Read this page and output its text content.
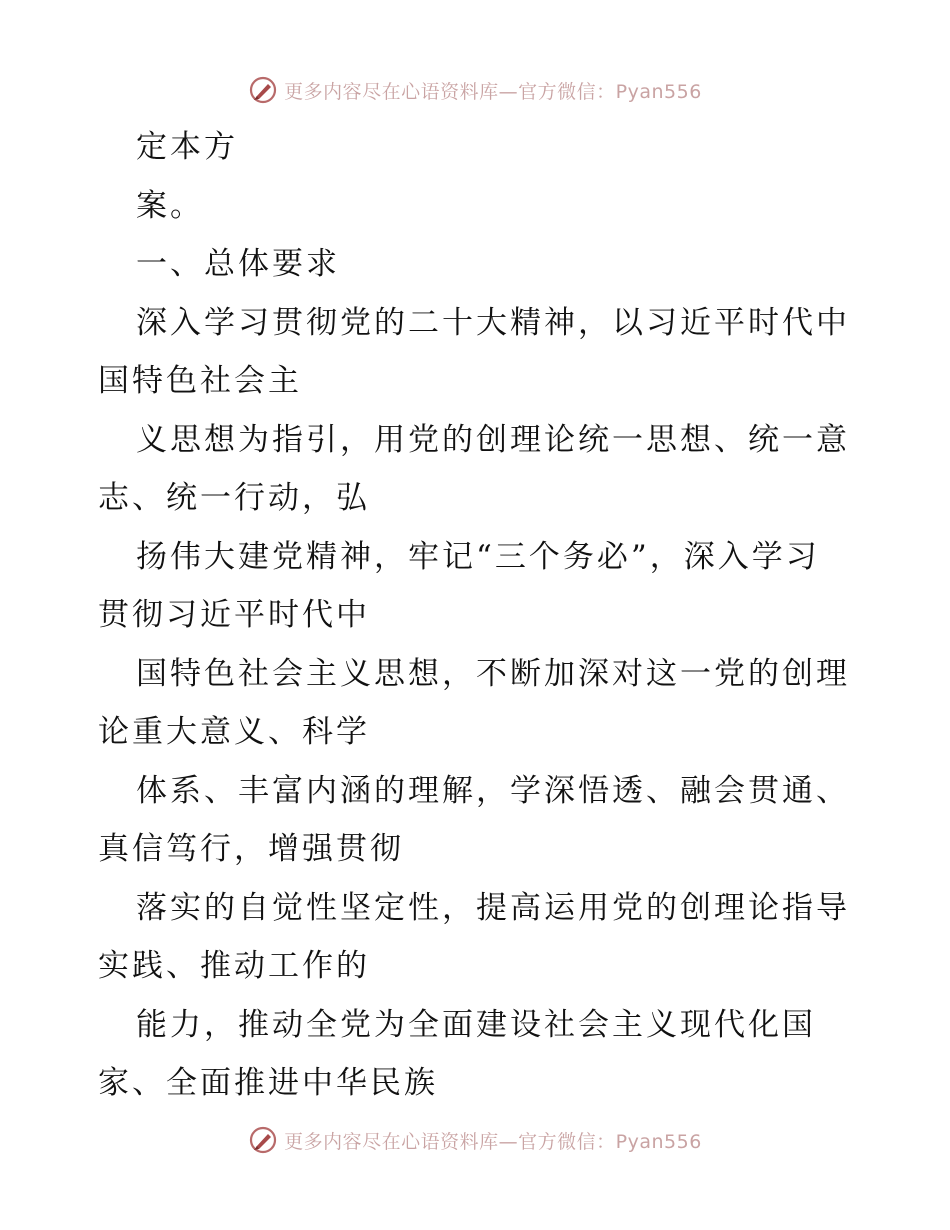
更多内容尽在心语资料库—官方微信：Pyan556
定本方
案。
一、总体要求
深入学习贯彻党的二十大精神，以习近平时代中
国特色社会主
义思想为指引，用党的创理论统一思想、统一意
志、统一行动，弘
扬伟大建党精神，牢记“三个务必”，深入学习
贯彻习近平时代中
国特色社会主义思想，不断加深对这一党的创理
论重大意义、科学
体系、丰富内涵的理解，学深悟透、融会贯通、
真信笃行，增强贯彻
落实的自觉性坚定性，提高运用党的创理论指导
实践、推动工作的
能力，推动全党为全面建设社会主义现代化国
家、全面推进中华民族
更多内容尽在心语资料库—官方微信：Pyan556
